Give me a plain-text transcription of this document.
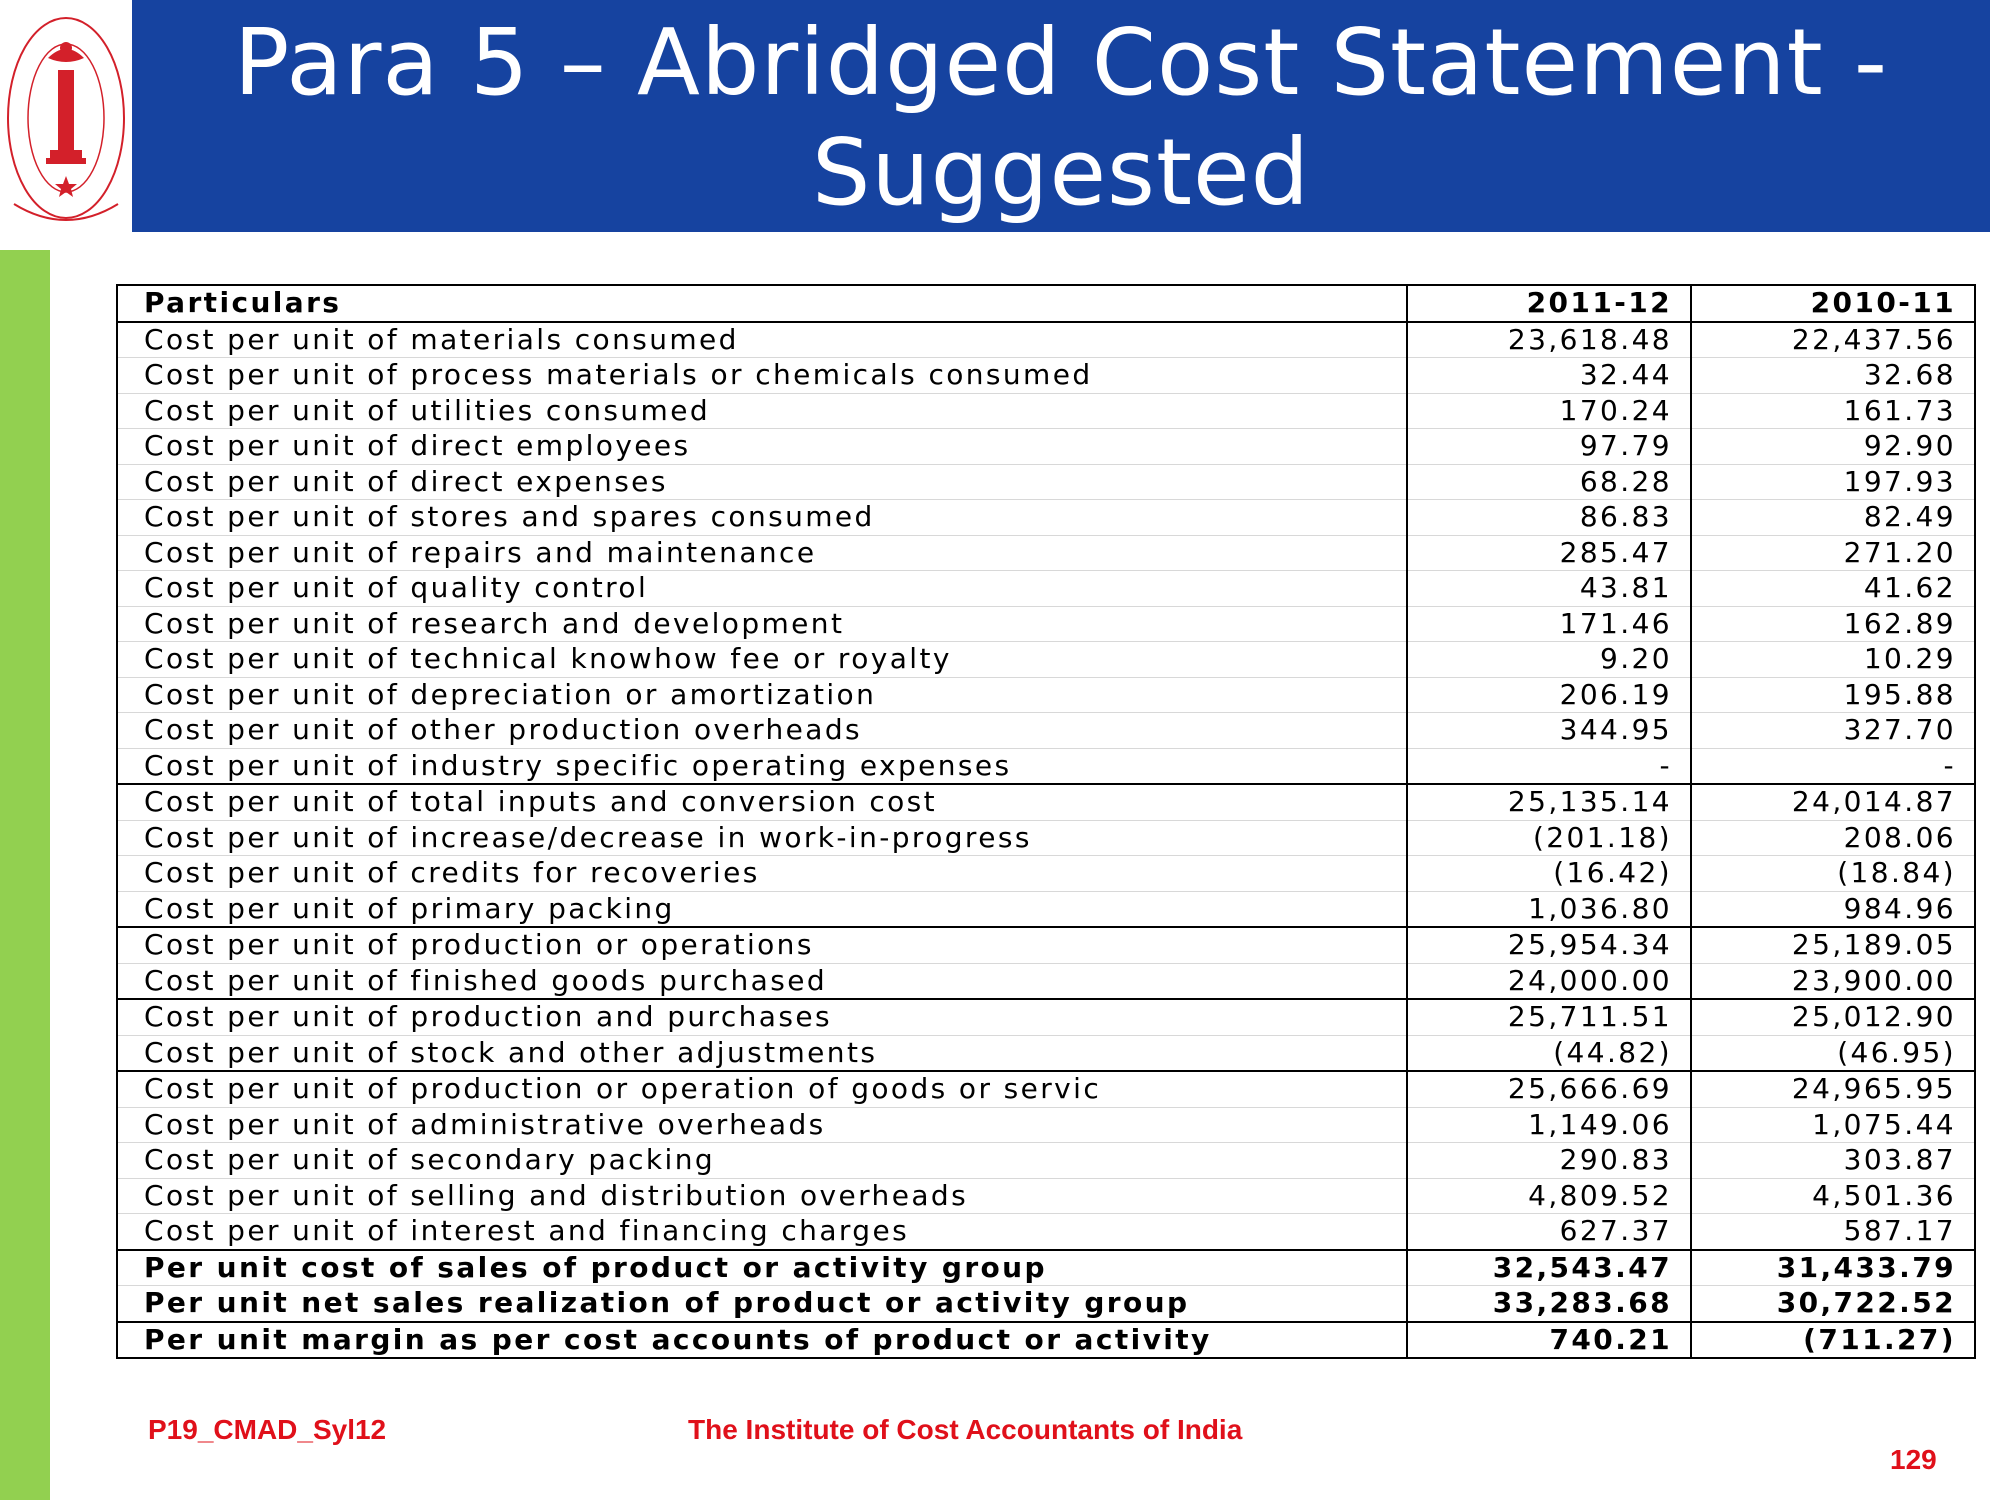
Para 5 – Abridged Cost Statement -
Suggested
Particulars	2011-12	2010-11
Cost per unit of materials consumed	23,618.48	22,437.56
Cost per unit of process materials or chemicals consumed	32.44	32.68
Cost per unit of utilities consumed	170.24	161.73
Cost per unit of direct employees	97.79	92.90
Cost per unit of direct expenses	68.28	197.93
Cost per unit of stores and spares consumed	86.83	82.49
Cost per unit of repairs and maintenance	285.47	271.20
Cost per unit of quality control	43.81	41.62
Cost per unit of research and development	171.46	162.89
Cost per unit of technical knowhow fee or royalty	9.20	10.29
Cost per unit of depreciation or amortization	206.19	195.88
Cost per unit of other production overheads	344.95	327.70
Cost per unit of industry specific operating expenses	-	-
Cost per unit of total inputs and conversion cost	25,135.14	24,014.87
Cost per unit of increase/decrease in work-in-progress	(201.18)	208.06
Cost per unit of credits for recoveries	(16.42)	(18.84)
Cost per unit of primary packing	1,036.80	984.96
Cost per unit of production or operations	25,954.34	25,189.05
Cost per unit of finished goods purchased	24,000.00	23,900.00
Cost per unit of production and purchases	25,711.51	25,012.90
Cost per unit of stock and other adjustments	(44.82)	(46.95)
Cost per unit of production or operation of goods or servic	25,666.69	24,965.95
Cost per unit of administrative overheads	1,149.06	1,075.44
Cost per unit of secondary packing	290.83	303.87
Cost per unit of selling and distribution overheads	4,809.52	4,501.36
Cost per unit of interest and financing charges	627.37	587.17
Per unit cost of sales of product or activity group	32,543.47	31,433.79
Per unit net sales realization of product or activity group	33,283.68	30,722.52
Per unit margin as per cost accounts of product or activity	740.21	(711.27)
P19_CMAD_Syl12	The Institute of Cost Accountants of India
129
